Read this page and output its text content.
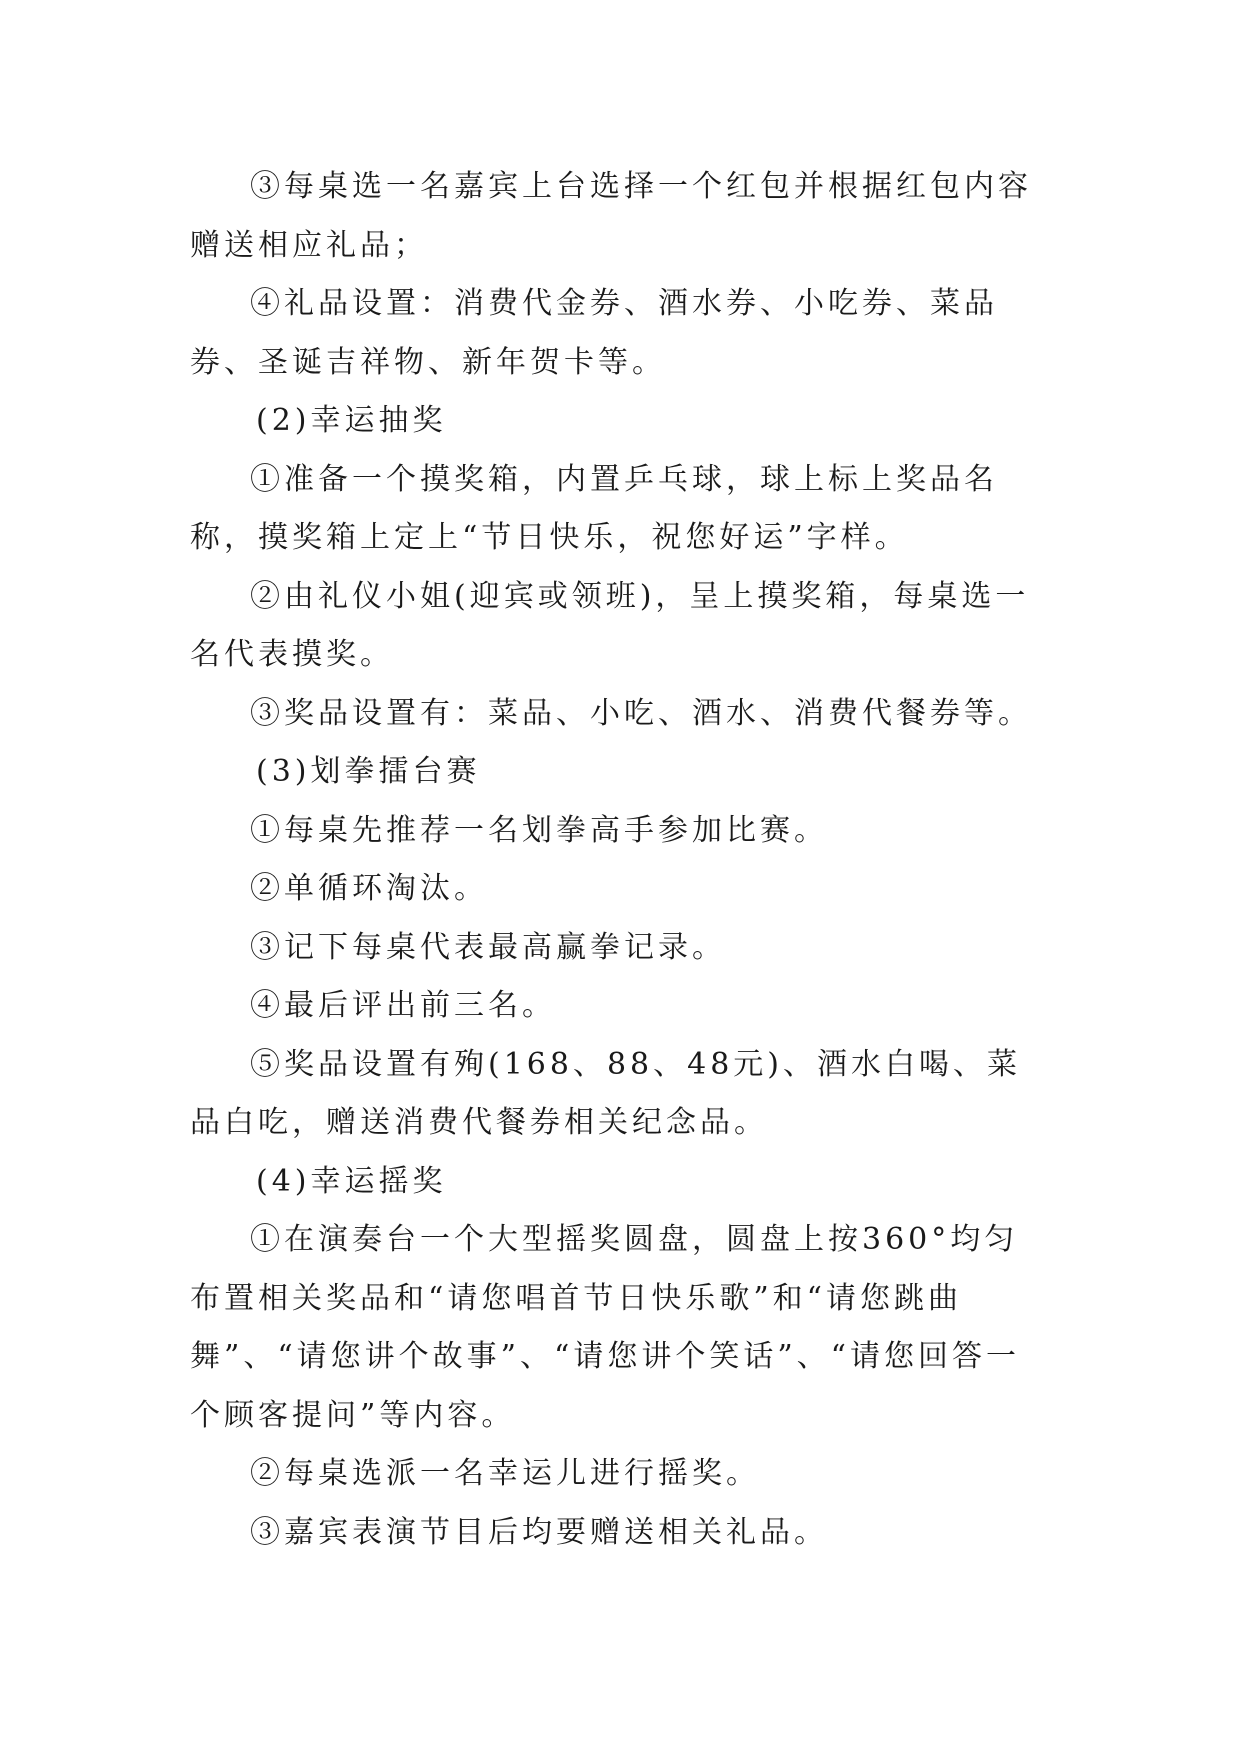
③每桌选一名嘉宾上台选择一个红包并根据红包内容赠送相应礼品；

④礼品设置：消费代金券、酒水券、小吃券、菜品券、圣诞吉祥物、新年贺卡等。

(2)幸运抽奖

①准备一个摸奖箱，内置乒乓球，球上标上奖品名称，摸奖箱上定上“节日快乐，祝您好运”字样。

②由礼仪小姐(迎宾或领班)，呈上摸奖箱，每桌选一名代表摸奖。

③奖品设置有：菜品、小吃、酒水、消费代餐券等。

(3)划拳擂台赛

①每桌先推荐一名划拳高手参加比赛。

②单循环淘汰。

③记下每桌代表最高赢拳记录。

④最后评出前三名。

⑤奖品设置有殉(168、88、48元)、酒水白喝、菜品白吃，赠送消费代餐券相关纪念品。

(4)幸运摇奖

①在演奏台一个大型摇奖圆盘，圆盘上按360°均匀布置相关奖品和“请您唱首节日快乐歌”和“请您跳曲舞”、“请您讲个故事”、“请您讲个笑话”、“请您回答一个顾客提问”等内容。

②每桌选派一名幸运儿进行摇奖。

③嘉宾表演节目后均要赠送相关礼品。
